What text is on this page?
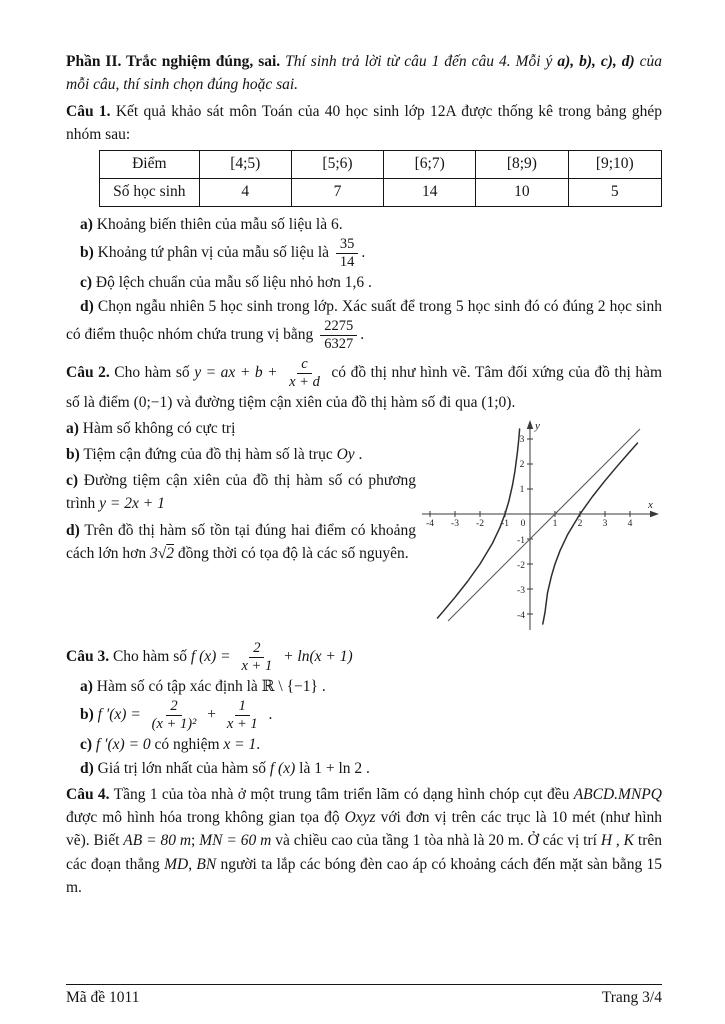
Phần II. Trắc nghiệm đúng, sai. Thí sinh trả lời từ câu 1 đến câu 4. Mỗi ý a), b), c), d) của mỗi câu, thí sinh chọn đúng hoặc sai.

Câu 1. Kết quả khảo sát môn Toán của 40 học sinh lớp 12A được thống kê trong bảng ghép nhóm sau:

Điểm	[4;5)	[5;6)	[6;7)	[8;9)	[9;10)
Số học sinh	4	7	14	10	5

a) Khoảng biến thiên của mẫu số liệu là 6.

b) Khoảng tứ phân vị của mẫu số liệu là $\frac{35}{14}$ .

c) Độ lệch chuẩn của mẫu số liệu nhỏ hơn 1,6 .

d) Chọn ngẫu nhiên 5 học sinh trong lớp. Xác suất để trong 5 học sinh đó có đúng 2 học sinh có điểm thuộc nhóm chứa trung vị bằng $\frac{2275}{6327}$ .

Câu 2. Cho hàm số y = ax + $b + \frac{c}{x + d}$ có đồ thị như hình vẽ. Tâm đối xứng của đồ thị hàm số là điểm (0;−1) và đường tiệm cận xiên của đồ thị hàm số đi qua (1;0).

a) Hàm số không có cực trị

b) Tiệm cận đứng của đồ thị hàm số là trục Oy .

c) Đường tiệm cận xiên của đồ thị hàm số có phương trình y = 2x + 1

d) Trên đồ thị hàm số tồn tại đúng hai điểm có khoảng cách lớn hơn 3√2 đồng thời có tọa độ là các số nguyên.

-4 -3 -2 -1	1 2 3 4
0
3
2
1
-1
-2
-3
-4
x
y

Câu 3. Cho hàm số f $(x) = \frac{2}{x + 1} + \ln(x + 1)$

a) Hàm số có tập xác định là ℝ \ {−1} .

b) f $'(x) = \frac{2}{\text{(x + 1)²}} + \frac{1}{x + 1}$ .

c) f ′(x) = 0 có nghiệm x = 1.

d) Giá trị lớn nhất của hàm số f (x) là 1 + ln 2 .

Câu 4. Tầng 1 của tòa nhà ở một trung tâm triển lãm có dạng hình chóp cụt đều ABCD.MNPQ được mô hình hóa trong không gian tọa độ Oxyz với đơn vị trên các trục là 10 mét (như hình vẽ). Biết AB = 80 m; MN = 60 m và chiều cao của tầng 1 tòa nhà là 20 m. Ở các vị trí H , K trên các đoạn thẳng MD, BN người ta lắp các bóng đèn cao áp có khoảng cách đến mặt sàn bằng 15 m.

Mã đề 1011	Trang 3/4
